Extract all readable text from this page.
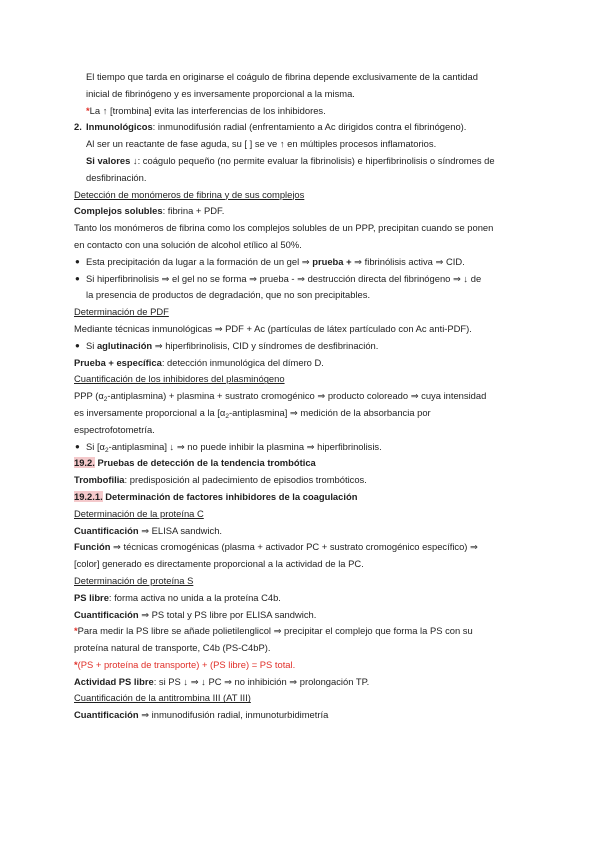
El tiempo que tarda en originarse el coágulo de fibrina depende exclusivamente de la cantidad
inicial de fibrinógeno y es inversamente proporcional a la misma.
*La ↑ [trombina] evita las interferencias de los inhibidores.
2. Inmunológicos: inmunodifusión radial (enfrentamiento a Ac dirigidos contra el fibrinógeno).
Al ser un reactante de fase aguda, su [ ] se ve ↑ en múltiples procesos inflamatorios.
Si valores ↓: coágulo pequeño (no permite evaluar la fibrinolisis) e hiperfibrinolisis o síndromes de
desfibrinación.
Detección de monómeros de fibrina y de sus complejos
Complejos solubles: fibrina + PDF.
Tanto los monómeros de fibrina como los complejos solubles de un PPP, precipitan cuando se ponen
en contacto con una solución de alcohol etílico al 50%.
● Esta precipitación da lugar a la formación de un gel ⇒ prueba + ⇒ fibrinólisis activa ⇒ CID.
● Si hiperfibrinolisis ⇒ el gel no se forma ⇒ prueba - ⇒ destrucción directa del fibrinógeno ⇒ ↓ de
la presencia de productos de degradación, que no son precipitables.
Determinación de PDF
Mediante técnicas inmunológicas ⇒ PDF + Ac (partículas de látex partículado con Ac anti-PDF).
● Si aglutinación ⇒ hiperfibrinolisis, CID y síndromes de desfibrinación.
Prueba + específica: detección inmunológica del dímero D.
Cuantificación de los inhibidores del plasminógeno
PPP $(\alpha_2-antiplasmina)$ + plasmina + sustrato cromogénico ⇒ producto coloreado ⇒ cuya intensidad
es inversamente proporcional a la $[\alpha_2-antiplasmina]$ ⇒ medición de la absorbancia por
espectrofotometría.
● Si $[\alpha_2-antiplasmina]$ ↓ ⇒ no puede inhibir la plasmina ⇒ hiperfibrinolisis.
19.2. Pruebas de detección de la tendencia trombótica
Trombofilia: predisposición al padecimiento de episodios trombóticos.
19.2.1. Determinación de factores inhibidores de la coagulación
Determinación de la proteína C
Cuantificación ⇒ ELISA sandwich.
Función ⇒ técnicas cromogénicas (plasma + activador PC + sustrato cromogénico específico) ⇒
[color] generado es directamente proporcional a la actividad de la PC.
Determinación de proteína S
PS libre: forma activa no unida a la proteína C4b.
Cuantificación ⇒ PS total y PS libre por ELISA sandwich.
*Para medir la PS libre se añade polietilenglicol ⇒ precipitar el complejo que forma la PS con su
proteína natural de transporte, C4b (PS-C4bP).
*(PS + proteína de transporte) + (PS libre) = PS total.
Actividad PS libre: si PS ↓ ⇒ ↓ PC ⇒ no inhibición ⇒ prolongación TP.
Cuantificación de la antitrombina III (AT III)
Cuantificación ⇒ inmunodifusión radial, inmunoturbidimetría
